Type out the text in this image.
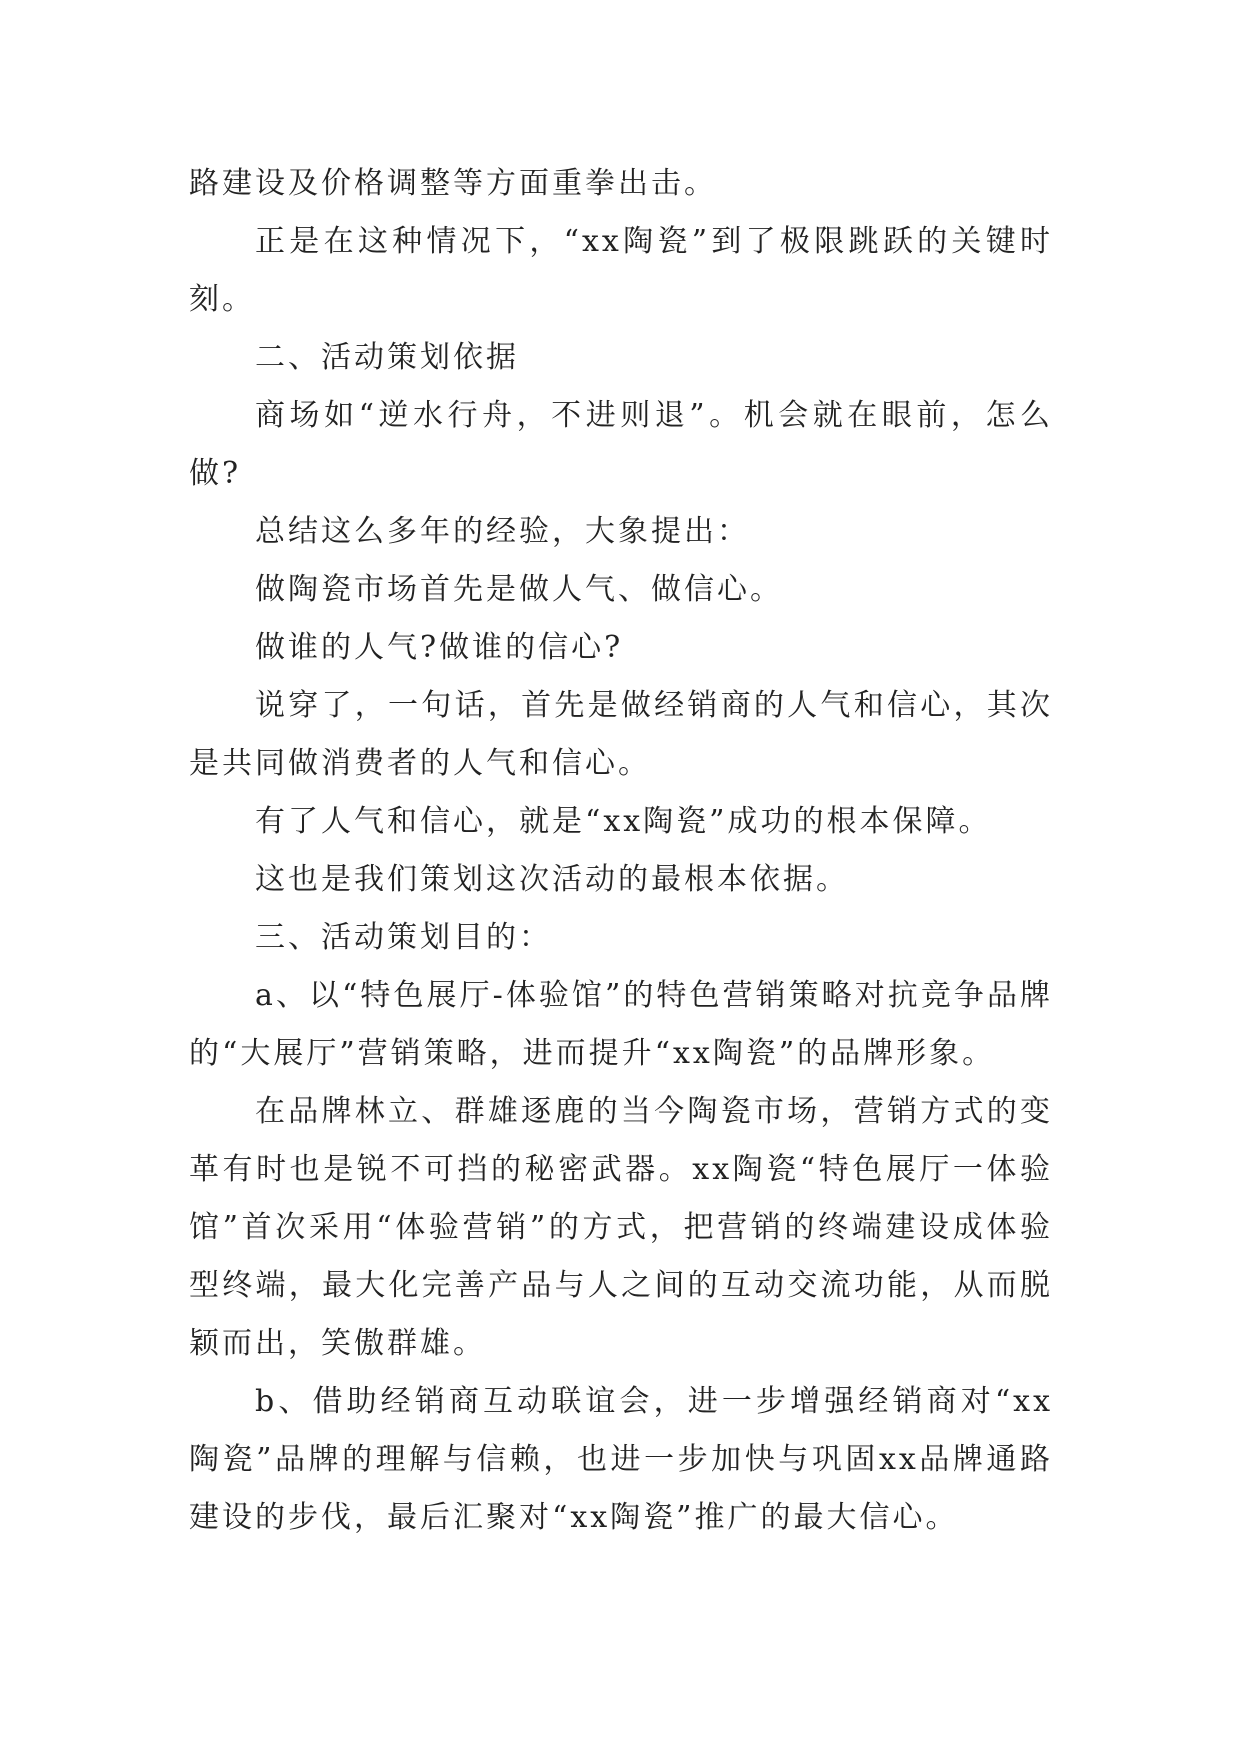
路建设及价格调整等方面重拳出击。

正是在这种情况下，“xx陶瓷”到了极限跳跃的关键时刻。

二、活动策划依据

商场如“逆水行舟，不进则退”。机会就在眼前，怎么做?

总结这么多年的经验，大象提出：

做陶瓷市场首先是做人气、做信心。

做谁的人气?做谁的信心?

说穿了，一句话，首先是做经销商的人气和信心，其次是共同做消费者的人气和信心。

有了人气和信心，就是“xx陶瓷”成功的根本保障。

这也是我们策划这次活动的最根本依据。

三、活动策划目的：

a、以“特色展厅-体验馆”的特色营销策略对抗竞争品牌的“大展厅”营销策略，进而提升“xx陶瓷”的品牌形象。

在品牌林立、群雄逐鹿的当今陶瓷市场，营销方式的变革有时也是锐不可挡的秘密武器。xx陶瓷“特色展厅一体验馆”首次采用“体验营销”的方式，把营销的终端建设成体验型终端，最大化完善产品与人之间的互动交流功能，从而脱颖而出，笑傲群雄。

b、借助经销商互动联谊会，进一步增强经销商对“xx陶瓷”品牌的理解与信赖，也进一步加快与巩固xx品牌通路建设的步伐，最后汇聚对“xx陶瓷”推广的最大信心。
